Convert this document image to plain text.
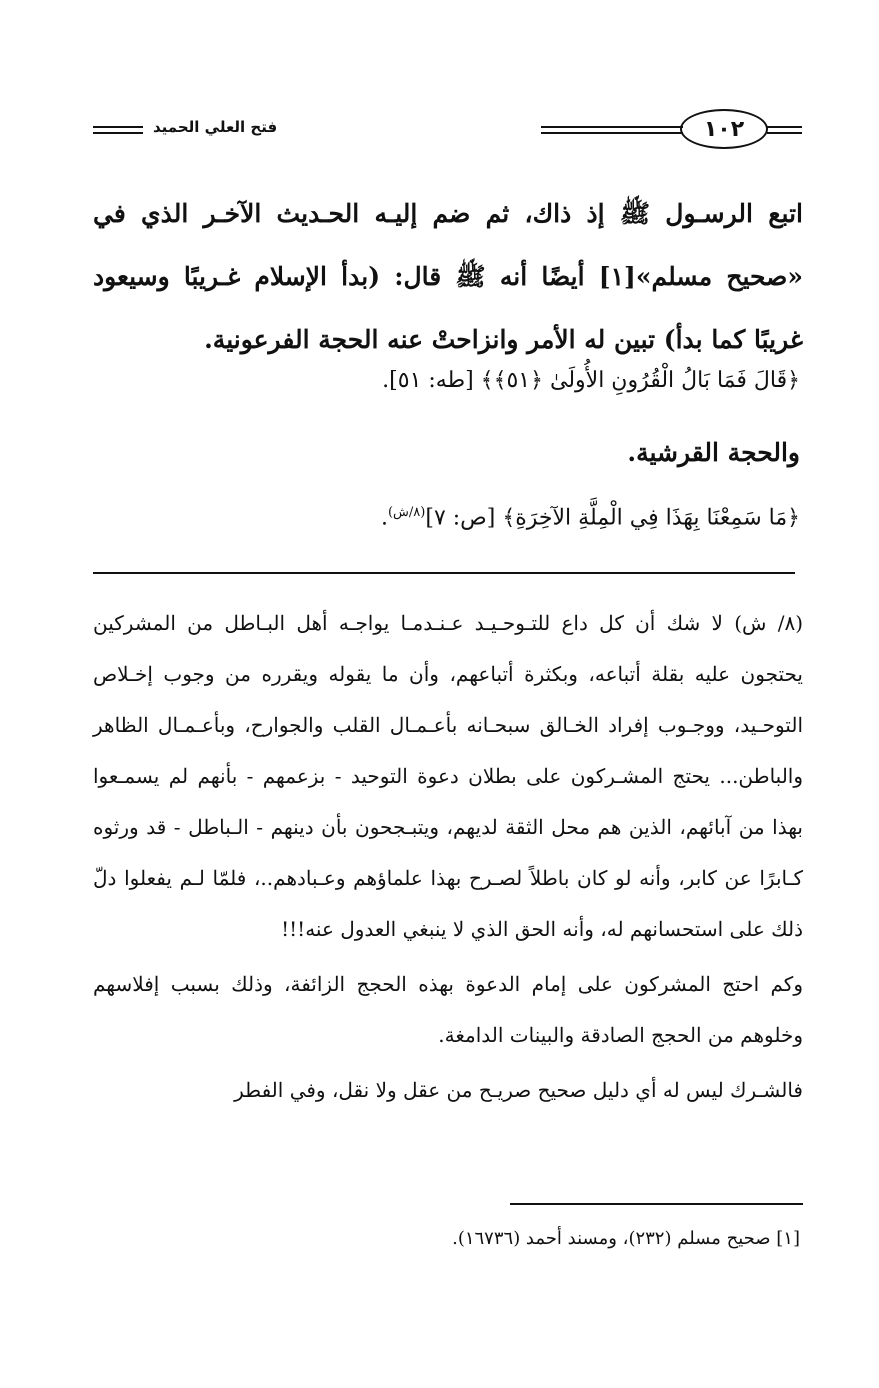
فتح العلي الحميد	١٠٢

اتبع الرسـول ﷺ إذ ذاك، ثم ضم إليـه الحـديث الآخـر الذي في «صحيح مسلم»[١] أيضًا أنه ﷺ قال: (بدأ الإسلام غـريبًا وسيعود غريبًا كما بدأ) تبين له الأمر وانزاحتْ عنه الحجة الفرعونية.

﴿قَالَ فَمَا بَالُ الْقُرُونِ الأُولَىٰ ﴿٥١﴾﴾ [طه: ٥١].
والحجة القرشية.
﴿مَا سَمِعْنَا بِهَذَا فِي الْمِلَّةِ الآخِرَةِ﴾ [ص: ٧]$^{(٨/ش)}$.

(٨/ ش) لا شك أن كل داع للتـوحـيـد عـنـدمـا يواجـه أهل البـاطل من المشركين يحتجون عليه بقلة أتباعه، وبكثرة أتباعهم، وأن ما يقوله ويقرره من وجوب إخـلاص التوحـيد، ووجـوب إفراد الخـالق سبحـانه بأعـمـال القلب والجوارح، وبأعـمـال الظاهر والباطن... يحتج المشـركون على بطلان دعوة التوحيد - بزعمهم - بأنهم لم يسمـعوا بهذا من آبائهم، الذين هم محل الثقة لديهم، ويتبـجحون بأن دينهم - الـباطل - قد ورثوه كـابرًا عن كابر، وأنه لو كان باطلاً لصـرح بهذا علماؤهم وعـبادهم..، فلمّا لـم يفعلوا دلّ ذلك على استحسانهم له، وأنه الحق الذي لا ينبغي العدول عنه!!!

وكم احتج المشركون على إمام الدعوة بهذه الحجج الزائفة، وذلك بسبب إفلاسهم وخلوهم من الحجج الصادقة والبينات الدامغة.

فالشـرك ليس له أي دليل صحيح صريـح من عقل ولا نقل، وفي الفطر

[١] صحيح مسلم (٢٣٢)، ومسند أحمد (١٦٧٣٦).
